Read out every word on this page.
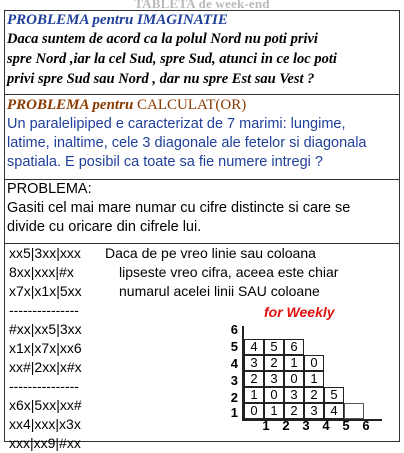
TABLETA de week-end
PROBLEMA pentru IMAGINATIE
Daca suntem de acord ca la polul Nord nu poti privi
spre Nord ,iar la cel Sud, spre Sud, atunci in ce loc poti
privi spre Sud sau Nord , dar nu spre Est sau Vest ?
PROBLEMA pentru CALCULAT(OR)
Un paralelipiped e caracterizat de 7 marimi: lungime,
latime, inaltime, cele 3 diagonale ale fetelor si diagonala
spatiala. E posibil ca toate sa fie numere intregi ?
PROBLEMA:
Gasiti cel mai mare numar cu cifre distincte si care se
divide cu oricare din cifrele lui.
xx5|3xx|xxx
8xx|xxx|#x
x7x|x1x|5xx
---------------
#xx|xx5|3xx
x1x|x7x|xx6
xx#|2xx|x#x
---------------
x6x|5xx|xx#
xx4|xxx|x3x
xxx|xx9|#xx
Daca de pe vreo linie sau coloana
lipseste vreo cifra, aceea este chiar
numarul acelei linii SAU coloane
for Weekly
6
5
4
3
2
1
4 5 6
3 2 1 0
2 3 0 1
1 0 3 2 5
0 1 2 3 4
1 2 3 4 5 6
